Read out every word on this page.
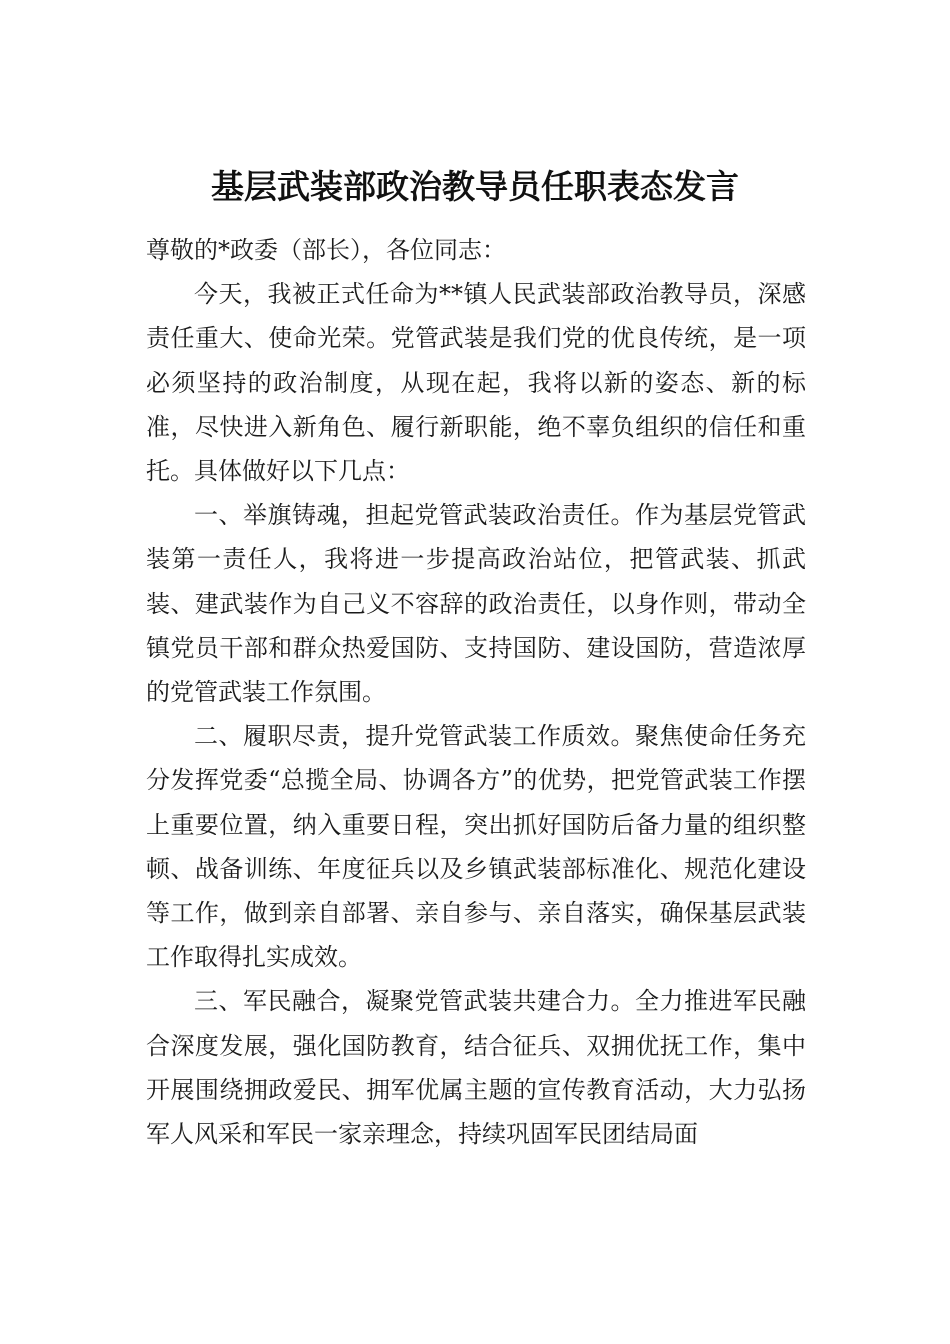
基层武装部政治教导员任职表态发言

尊敬的*政委（部长），各位同志：

今天，我被正式任命为**镇人民武装部政治教导员，深感责任重大、使命光荣。党管武装是我们党的优良传统，是一项必须坚持的政治制度，从现在起，我将以新的姿态、新的标准，尽快进入新角色、履行新职能，绝不辜负组织的信任和重托。具体做好以下几点：

一、举旗铸魂，担起党管武装政治责任。作为基层党管武装第一责任人，我将进一步提高政治站位，把管武装、抓武装、建武装作为自己义不容辞的政治责任，以身作则，带动全镇党员干部和群众热爱国防、支持国防、建设国防，营造浓厚的党管武装工作氛围。

二、履职尽责，提升党管武装工作质效。聚焦使命任务充分发挥党委“总揽全局、协调各方”的优势，把党管武装工作摆上重要位置，纳入重要日程，突出抓好国防后备力量的组织整顿、战备训练、年度征兵以及乡镇武装部标准化、规范化建设等工作，做到亲自部署、亲自参与、亲自落实，确保基层武装工作取得扎实成效。

三、军民融合，凝聚党管武装共建合力。全力推进军民融合深度发展，强化国防教育，结合征兵、双拥优抚工作，集中开展围绕拥政爱民、拥军优属主题的宣传教育活动，大力弘扬军人风采和军民一家亲理念，持续巩固军民团结局面
